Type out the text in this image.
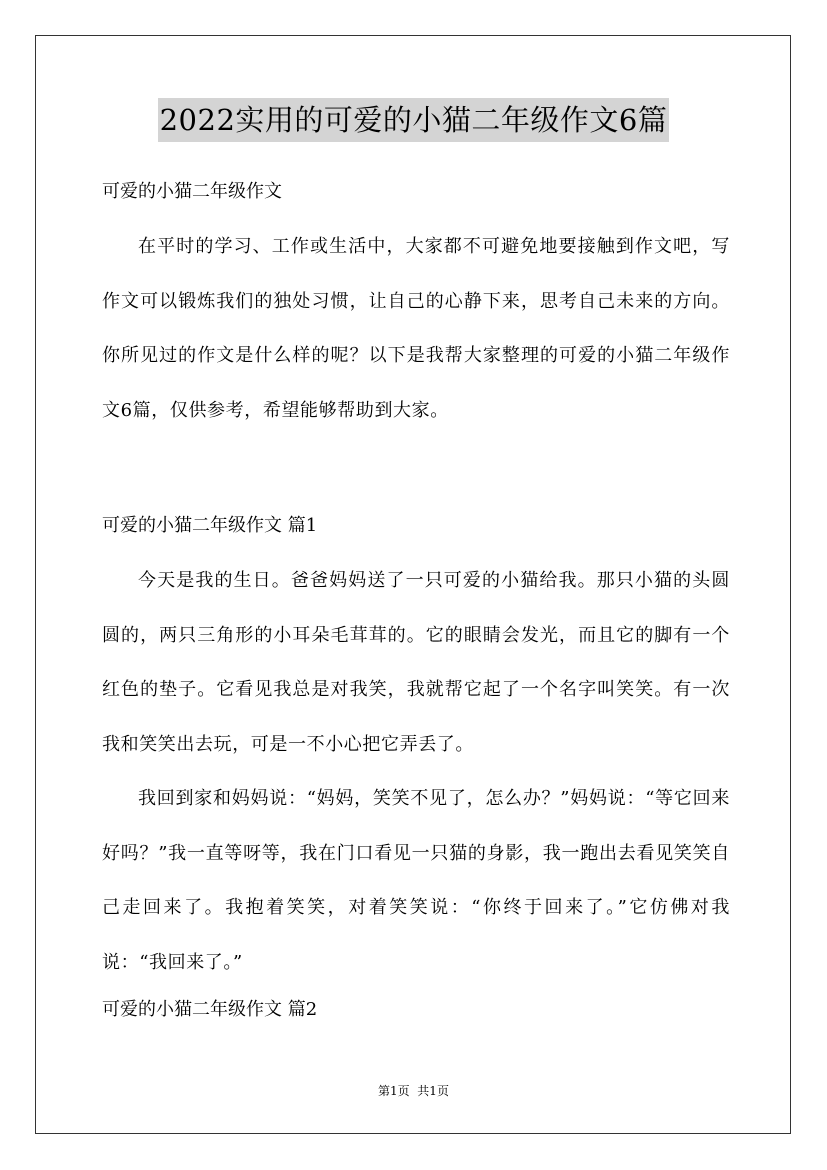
2022实用的可爱的小猫二年级作文6篇

可爱的小猫二年级作文

在平时的学习、工作或生活中，大家都不可避免地要接触到作文吧，写作文可以锻炼我们的独处习惯，让自己的心静下来，思考自己未来的方向。你所见过的作文是什么样的呢？以下是我帮大家整理的可爱的小猫二年级作文6篇，仅供参考，希望能够帮助到大家。

可爱的小猫二年级作文 篇1

今天是我的生日。爸爸妈妈送了一只可爱的小猫给我。那只小猫的头圆圆的，两只三角形的小耳朵毛茸茸的。它的眼睛会发光，而且它的脚有一个红色的垫子。它看见我总是对我笑，我就帮它起了一个名字叫笑笑。有一次我和笑笑出去玩，可是一不小心把它弄丢了。

我回到家和妈妈说：“妈妈，笑笑不见了，怎么办？”妈妈说：“等它回来好吗？”我一直等呀等，我在门口看见一只猫的身影，我一跑出去看见笑笑自己走回来了。我抱着笑笑，对着笑笑说：“你终于回来了。”它仿佛对我说：“我回来了。”

可爱的小猫二年级作文 篇2

第1页  共1页
